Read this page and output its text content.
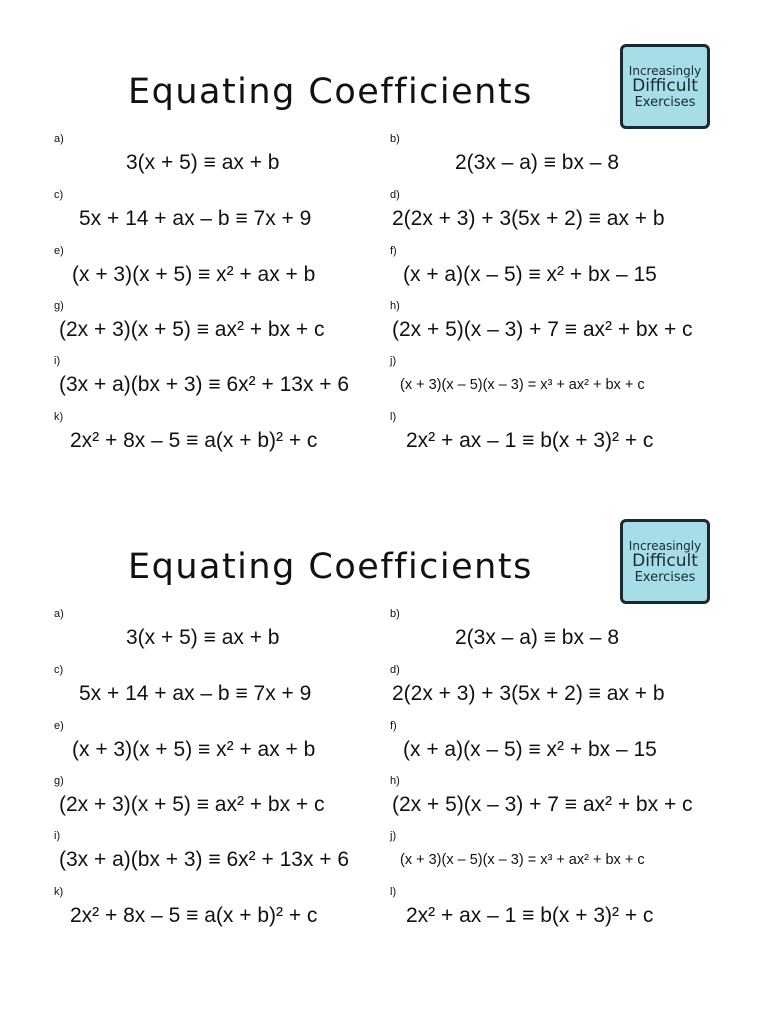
Equating Coefficients
Increasingly
Difficult
Exercises
a)
3(x + 5) ≡ ax + b
b)
2(3x – a) ≡ bx – 8
c)
5x + 14 + ax – b ≡ 7x + 9
d)
2(2x + 3) + 3(5x + 2) ≡ ax + b
e)
(x + 3)(x + 5) ≡ x² + ax + b
f)
(x + a)(x – 5) ≡ x² + bx – 15
g)
(2x + 3)(x + 5) ≡ ax² + bx + c
h)
(2x + 5)(x – 3) + 7 ≡ ax² + bx + c
i)
(3x + a)(bx + 3) ≡ 6x² + 13x + 6
j)
(x + 3)(x – 5)(x – 3) = x³ + ax² + bx + c
k)
2x² + 8x – 5 ≡ a(x + b)² + c
l)
2x² + ax – 1 ≡ b(x + 3)² + c
Equating Coefficients
Increasingly
Difficult
Exercises
a)
3(x + 5) ≡ ax + b
b)
2(3x – a) ≡ bx – 8
c)
5x + 14 + ax – b ≡ 7x + 9
d)
2(2x + 3) + 3(5x + 2) ≡ ax + b
e)
(x + 3)(x + 5) ≡ x² + ax + b
f)
(x + a)(x – 5) ≡ x² + bx – 15
g)
(2x + 3)(x + 5) ≡ ax² + bx + c
h)
(2x + 5)(x – 3) + 7 ≡ ax² + bx + c
i)
(3x + a)(bx + 3) ≡ 6x² + 13x + 6
j)
(x + 3)(x – 5)(x – 3) = x³ + ax² + bx + c
k)
2x² + 8x – 5 ≡ a(x + b)² + c
l)
2x² + ax – 1 ≡ b(x + 3)² + c
